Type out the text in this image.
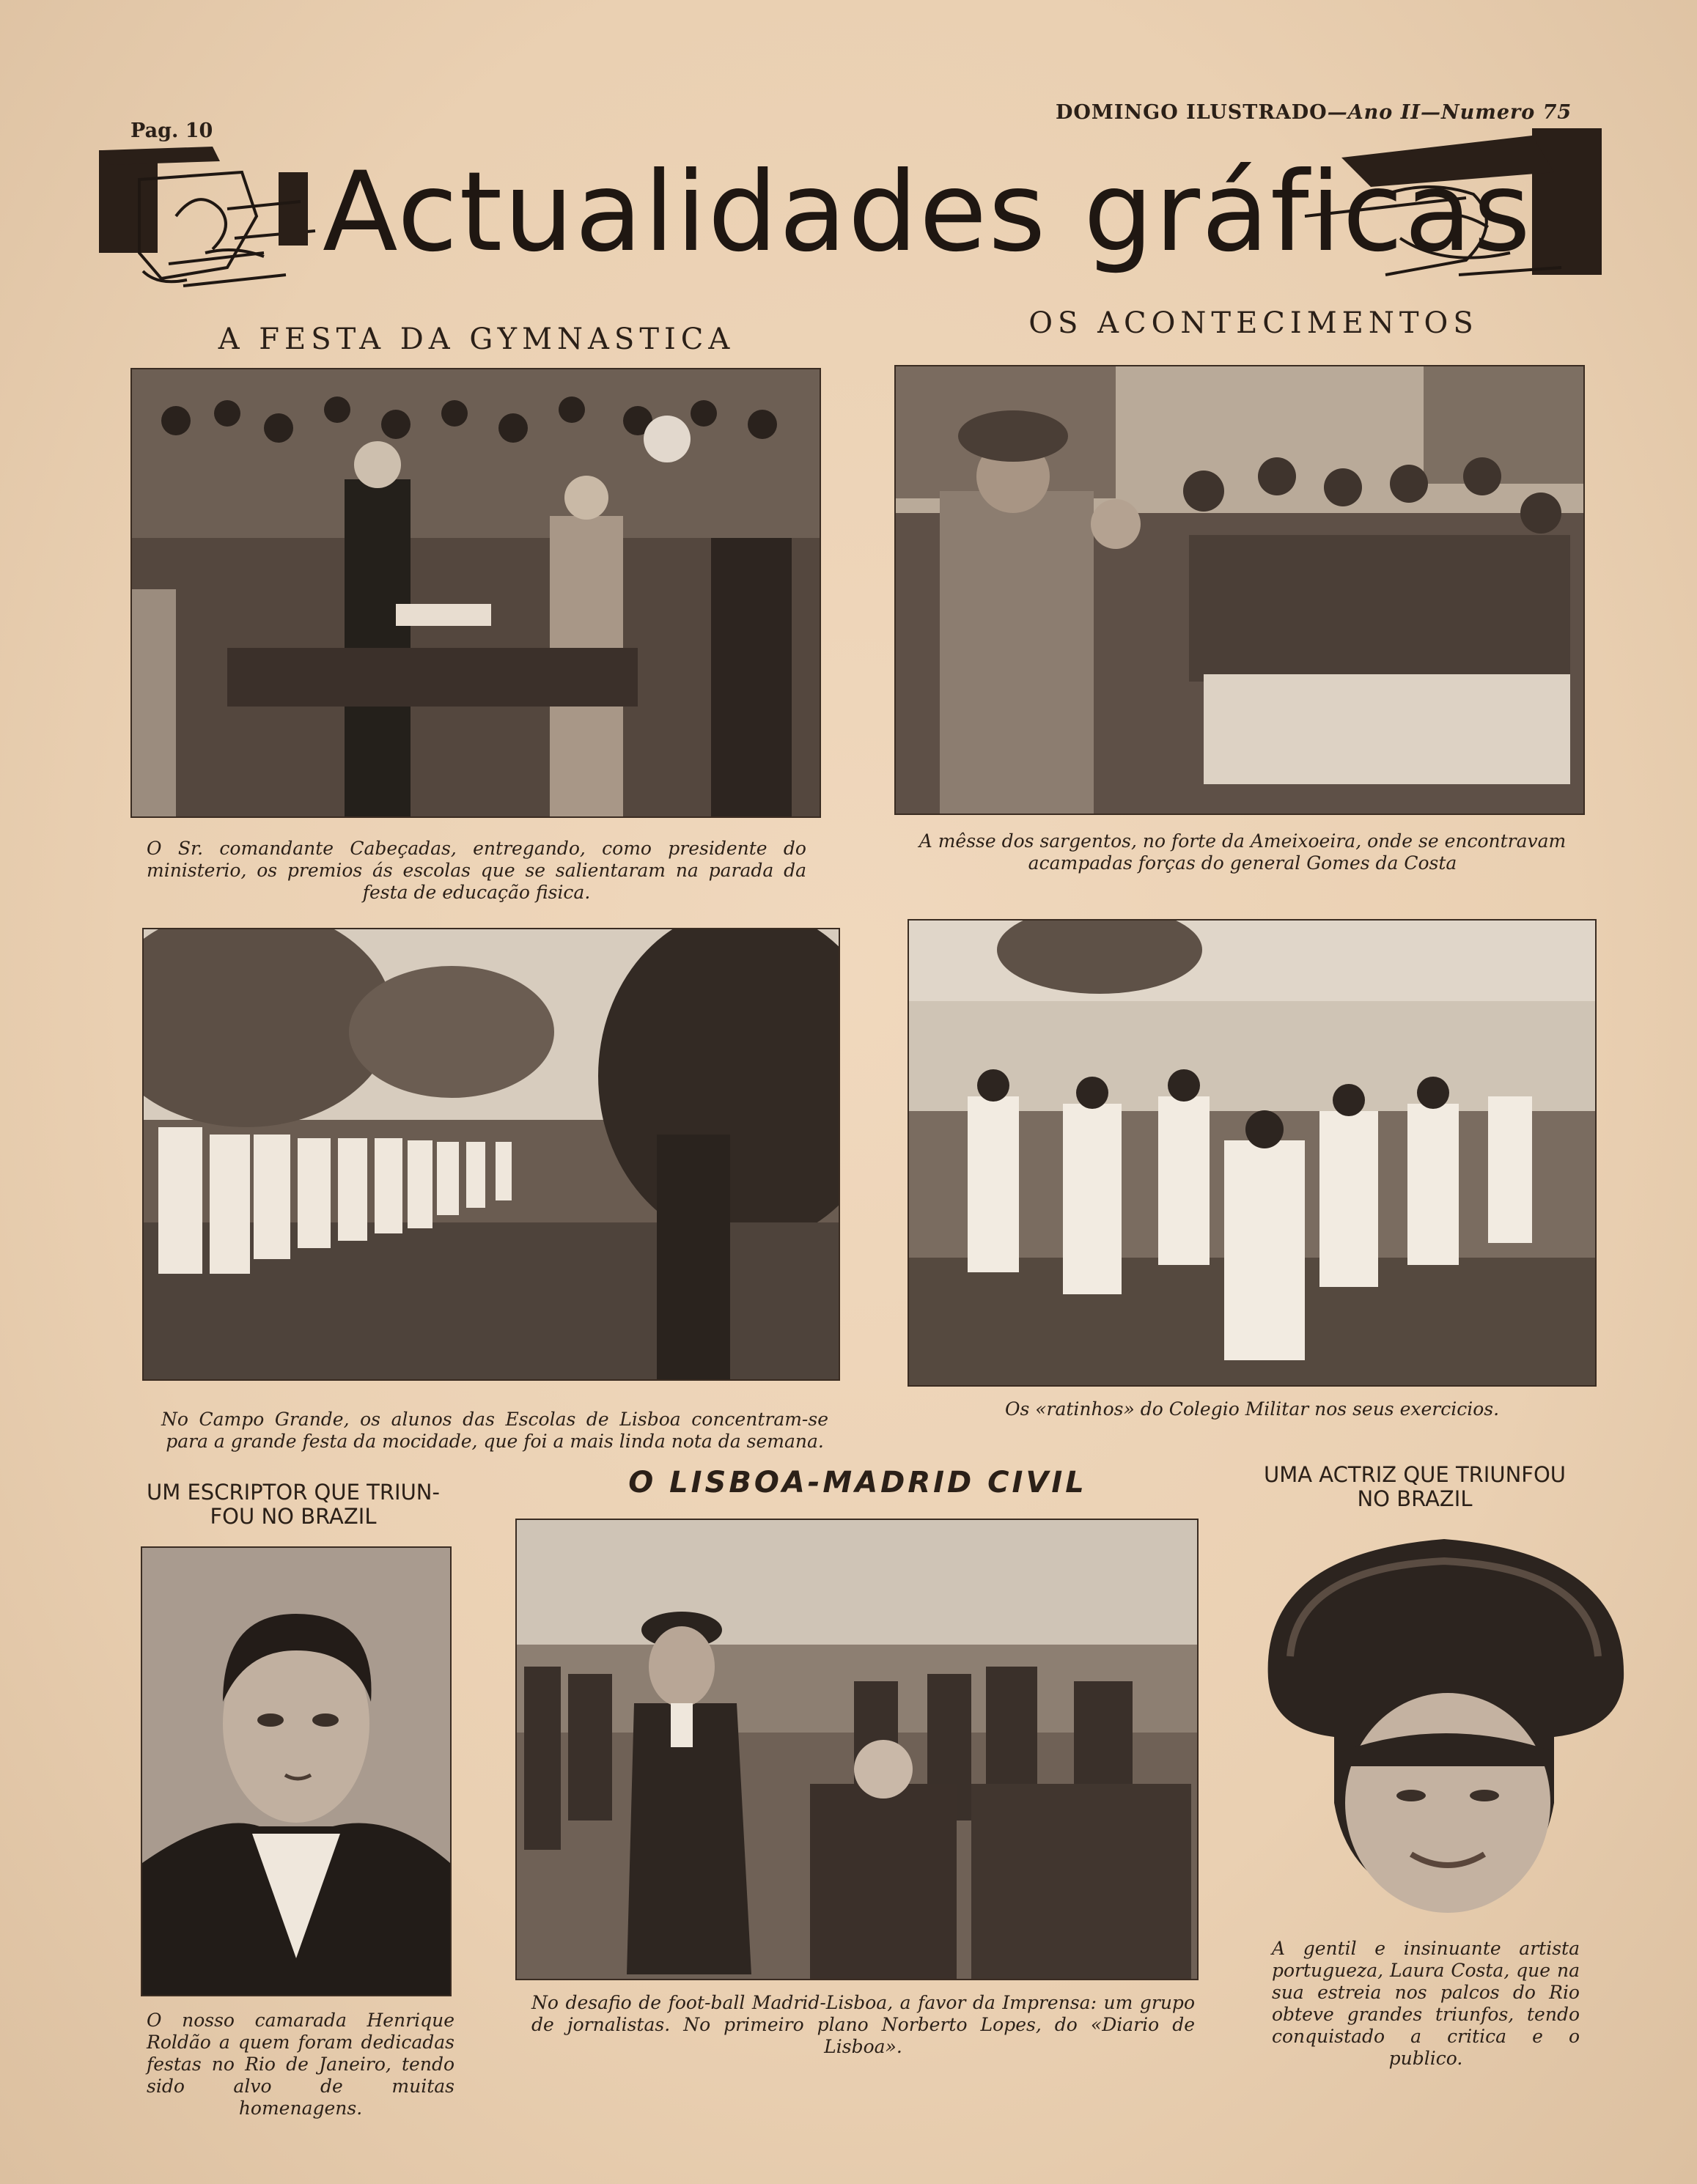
Pag. 10
DOMINGO ILUSTRADO—Ano II—Numero 75
Actualidades gráficas
A FESTA DA GYMNASTICA	OS ACONTECIMENTOS
O Sr. comandante Cabeçadas, entregando, como presidente do ministerio, os premios ás escolas que se salientaram na parada da festa de educação fisica.
A mêsse dos sargentos, no forte da Ameixoeira, onde se encontravam acampadas forças do general Gomes da Costa
No Campo Grande, os alunos das Escolas de Lisboa concentram-se para a grande festa da mocidade, que foi a mais linda nota da semana.
Os «ratinhos» do Colegio Militar nos seus exercicios.
UM ESCRIPTOR QUE TRIUN-
FOU NO BRAZIL
O LISBOA-MADRID CIVIL	UMA ACTRIZ QUE TRIUNFOU
NO BRAZIL
O nosso camarada Henrique Roldão a quem foram dedicadas festas no Rio de Janeiro, tendo sido alvo de muitas homenagens.
No desafio de foot-ball Madrid-Lisboa, a favor da Imprensa: um grupo de jornalistas. No primeiro plano Norberto Lopes, do «Diario de Lisboa».
A gentil e insinuante artista portugueza, Laura Costa, que na sua estreia nos palcos do Rio obteve grandes triunfos, tendo conquistado a critica e o publico.
